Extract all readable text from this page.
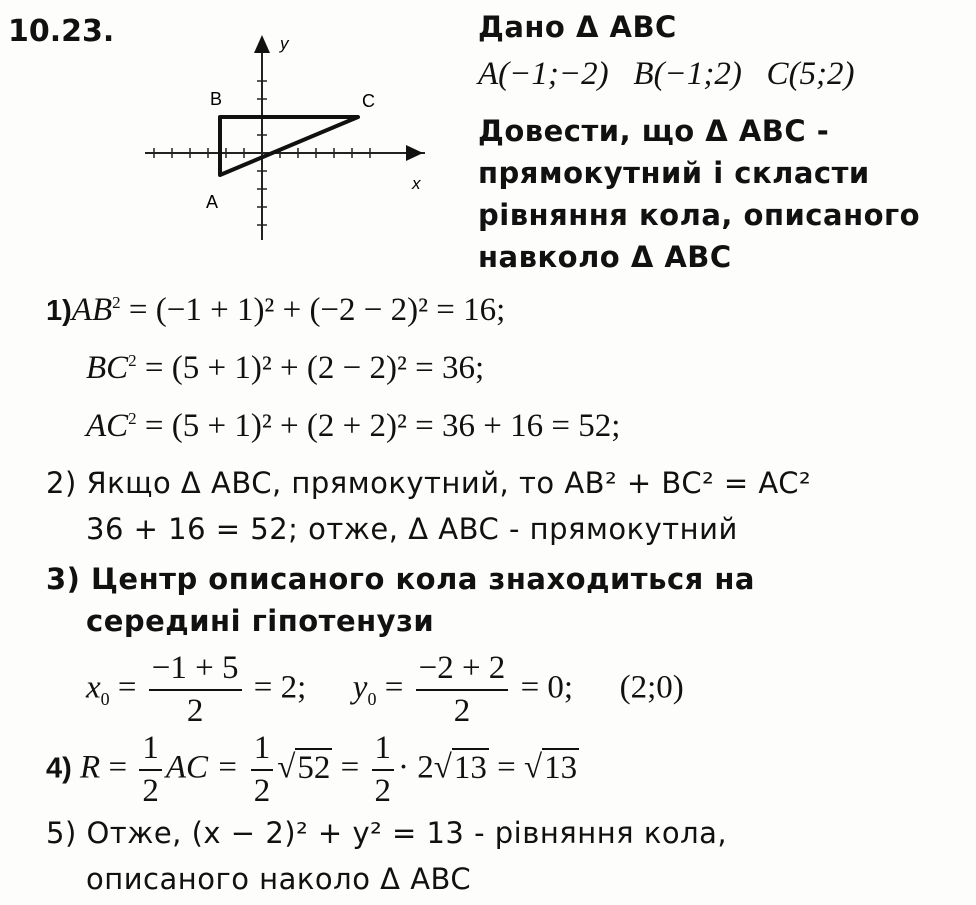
10.23.
x
y
A
B	C
Дано Δ ABC
A(−1;−2)   B(−1;2)   C(5;2)
Довести, що Δ ABC -
прямокутний і скласти
рівняння кола, описаного
навколо Δ ABC
$1)AB^2 = (-1 + 1)^2 + (-2 - 2)^2 = 16$;
$BC^2 = (5 + 1)^2 + (2 - 2)^2 = 36$;
$AC^2 = (5 + 1)^2 + (2 + 2)^2 = 36 + 16 = 52$;
2) Якщо Δ ABC, прямокутний, то AB² + BC² = AC²
36 + 16 = 52; отже, Δ ABC - прямокутний
3) Центр описаного кола знаходиться на
середині гіпотенузи
$x_0 = \frac{-1 + 5}{2} = 2$; $y_0 = \frac{-2 + 2}{2} = 0$; (2;0)
4) $R = \frac{1}{2}$ AC = $\frac{1}{2} √52 = \frac{1}{2} \cdot 2√13 = √13$
5) Отже, (x − 2)² + y² = 13 - рівняння кола,
описаного наколо Δ ABC
